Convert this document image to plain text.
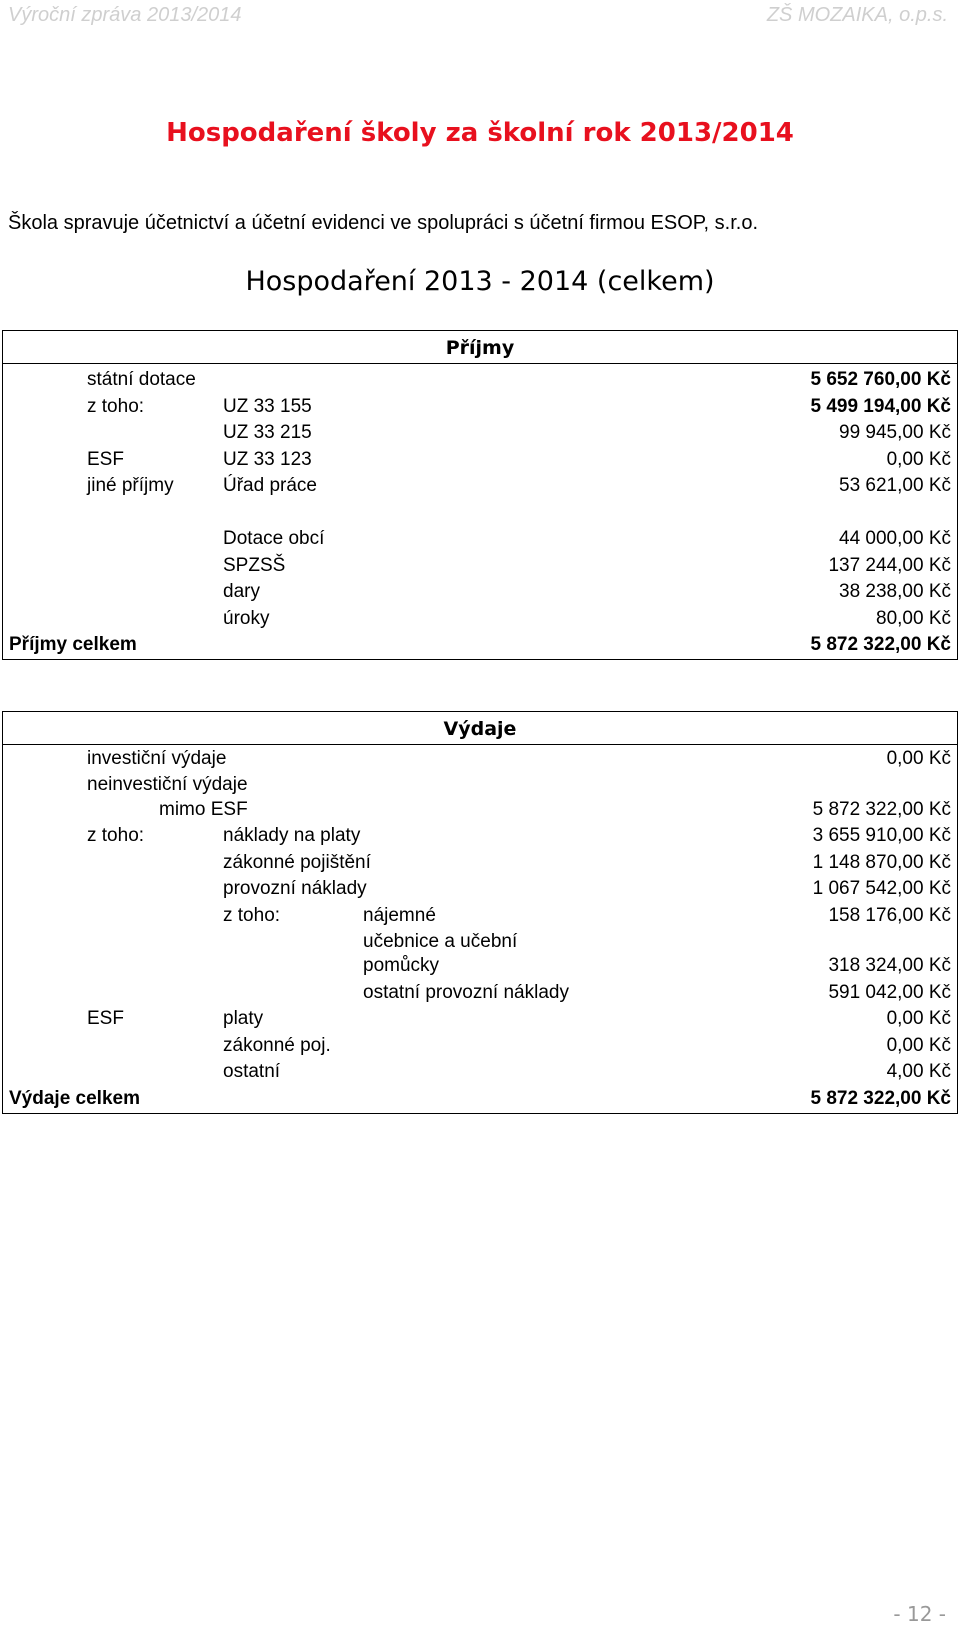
Výroční zpráva 2013/2014	ZŠ MOZAIKA, o.p.s.
Hospodaření školy za školní rok 2013/2014
Škola spravuje účetnictví a účetní evidenci ve spolupráci s účetní firmou ESOP, s.r.o.
Hospodaření 2013 - 2014 (celkem)
Příjmy
státní dotace	5 652 760,00 Kč
z toho:	UZ 33 155	5 499 194,00 Kč
UZ 33 215	99 945,00 Kč
ESF	UZ 33 123	0,00 Kč
jiné příjmy	Úřad práce	53 621,00 Kč
Dotace obcí	44 000,00 Kč
SPZSŠ	137 244,00 Kč
dary	38 238,00 Kč
úroky	80,00 Kč
Příjmy celkem	5 872 322,00 Kč
Výdaje
investiční výdaje	0,00 Kč
neinvestiční výdaje
mimo ESF	5 872 322,00 Kč
z toho:	náklady na platy	3 655 910,00 Kč
zákonné pojištění	1 148 870,00 Kč
provozní náklady	1 067 542,00 Kč
z toho:	nájemné	158 176,00 Kč
učebnice a učební
pomůcky	318 324,00 Kč
ostatní provozní náklady	591 042,00 Kč
ESF	platy	0,00 Kč
zákonné poj.	0,00 Kč
ostatní	4,00 Kč
Výdaje celkem	5 872 322,00 Kč
- 12 -
